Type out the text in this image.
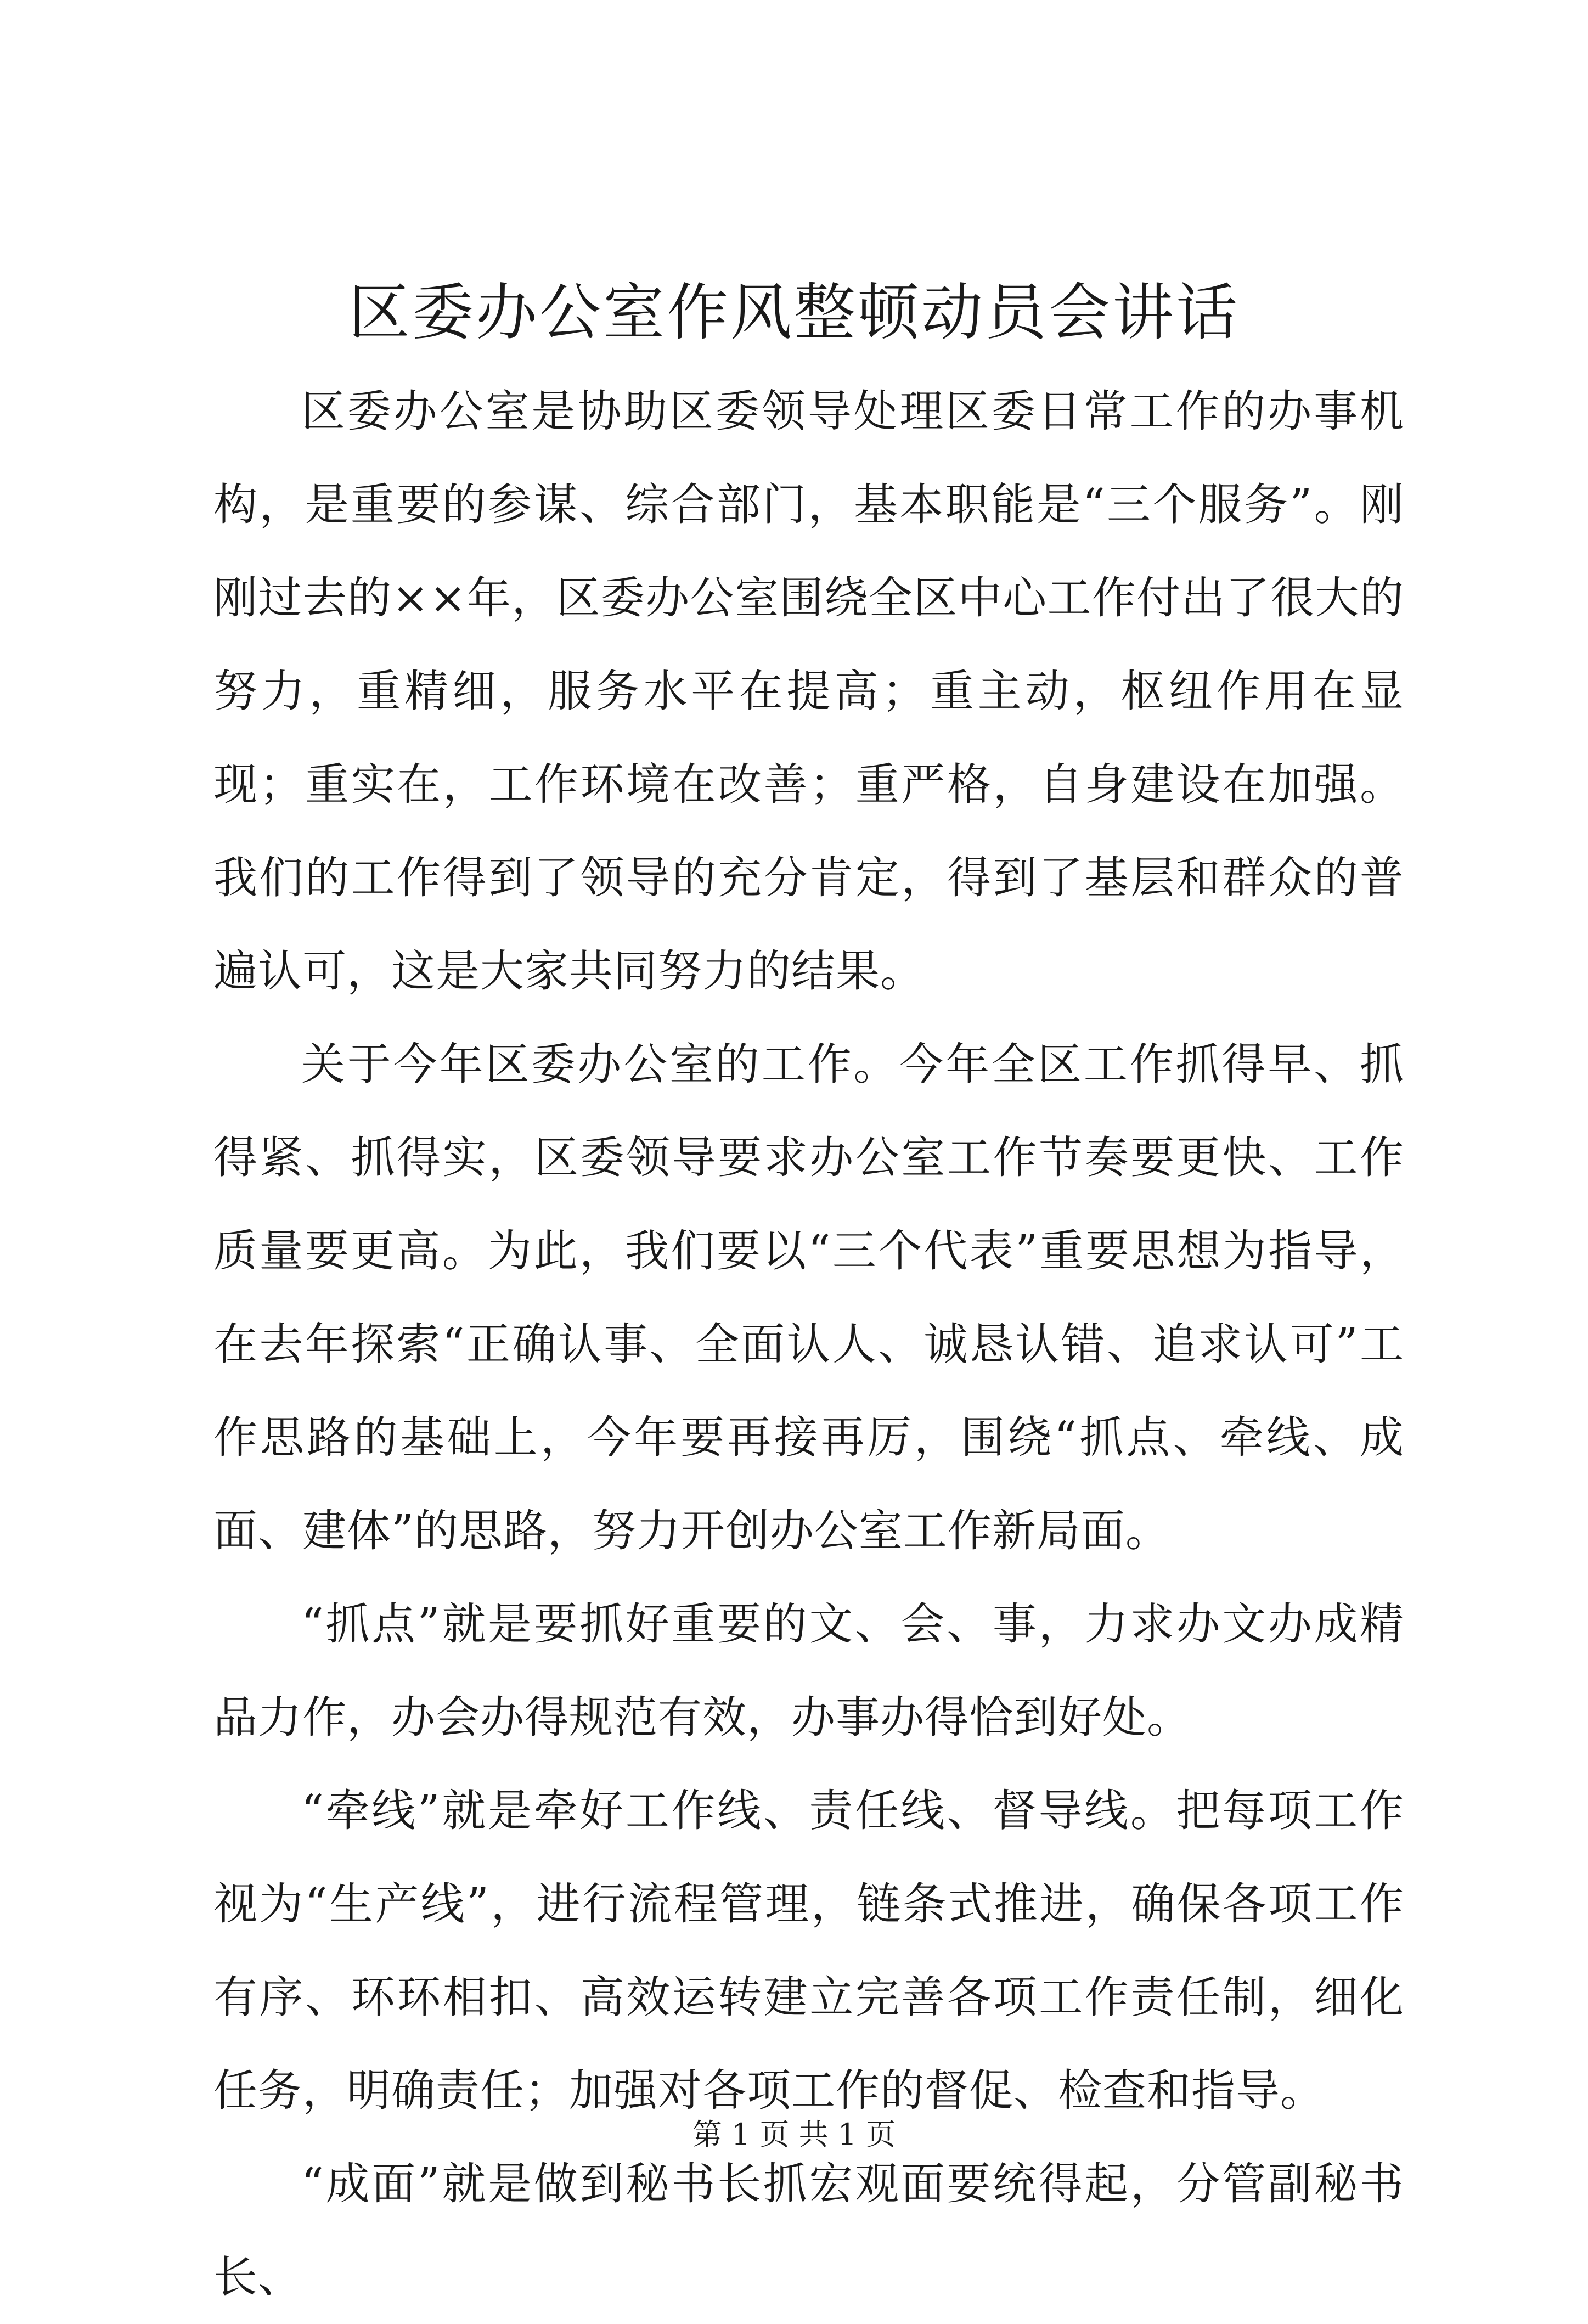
区委办公室作风整顿动员会讲话

区委办公室是协助区委领导处理区委日常工作的办事机构，是重要的参谋、综合部门，基本职能是“三个服务”。刚刚过去的××年，区委办公室围绕全区中心工作付出了很大的努力，重精细，服务水平在提高；重主动，枢纽作用在显现；重实在，工作环境在改善；重严格，自身建设在加强。我们的工作得到了领导的充分肯定，得到了基层和群众的普遍认可，这是大家共同努力的结果。

关于今年区委办公室的工作。今年全区工作抓得早、抓得紧、抓得实，区委领导要求办公室工作节奏要更快、工作质量要更高。为此，我们要以“三个代表”重要思想为指导，在去年探索“正确认事、全面认人、诚恳认错、追求认可”工作思路的基础上，今年要再接再厉，围绕“抓点、牵线、成面、建体”的思路，努力开创办公室工作新局面。

“抓点”就是要抓好重要的文、会、事，力求办文办成精品力作，办会办得规范有效，办事办得恰到好处。

“牵线”就是牵好工作线、责任线、督导线。把每项工作视为“生产线”，进行流程管理，链条式推进，确保各项工作有序、环环相扣、高效运转建立完善各项工作责任制，细化任务，明确责任；加强对各项工作的督促、检查和指导。

“成面”就是做到秘书长抓宏观面要统得起，分管副秘书长、

第 1 页 共 1 页
